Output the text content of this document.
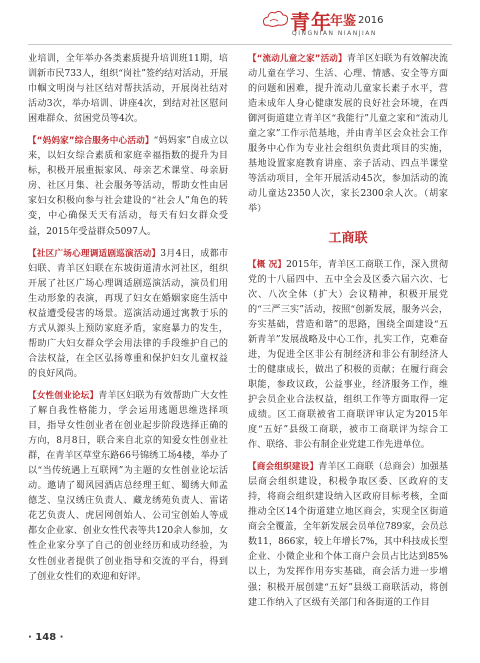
青年
年鉴 2016
QINGNIAN NIANJIAN

业培训，全年举办各类素质提升培训班11期，培训新市民733人，组织“岗社”签约结对活动，开展巾帼文明岗与社区结对帮扶活动，开展岗社结对活动3次，举办培训、讲座4次，到结对社区慰问困难群众、贫困党员等4次。

【“妈妈家”综合服务中心活动】“妈妈家”自成立以来，以妇女综合素质和家庭幸福指数的提升为目标，积极开展重振家风、母亲艺术课堂、母亲厨房、社区月集、社会服务等活动，帮助女性由居家妇女积极向参与社会建设的“社会人”角色的转变，中心确保天天有活动，每天有妇女群众受益，2015年受益群众5097人。

【社区广场心理调适剧巡演活动】3月4日，成都市妇联、青羊区妇联在东坡街道清水河社区，组织开展了社区广场心理调适剧巡演活动，演员们用生动形象的表演，再现了妇女在婚姻家庭生活中权益遭受侵害的场景。巡演活动通过寓教于乐的方式从源头上预防家庭矛盾，家庭暴力的发生，帮助广大妇女群众学会用法律的手段维护自己的合法权益，在全区弘扬尊重和保护妇女儿童权益的良好风尚。

【女性创业论坛】青羊区妇联为有效帮助广大女性了解自我性格能力，学会运用逃题思维选择项目，指导女性创业者在创业起步阶段选择正确的方向，8月8日，联合来自北京的知爱女性创业社群，在青羊区草堂东路66号锦绣工场4楼，举办了以“当传统遇上互联网”为主题的女性创业论坛活动。邀请了蜀风园酒店总经理王虹、蜀绣大师孟德芝、皇汉绣庄负责人、藏龙绣苑负责人、雷诺花艺负责人、虎居网创始人、公司宝创始人等成都女企业家、创业女性代表等共120余人参加，女性企业家分享了自己的创业经历和成功经验，为女性创业者提供了创业指导和交流的平台，得到了创业女性们的欢迎和好评。

【“流动儿童之家”活动】青羊区妇联为有效解决流动儿童在学习、生活、心理、情感、安全等方面的问题和困难，提升流动儿童家长素子水平，营造未成年人身心健康发展的良好社会环境，在西御河街道建立青羊区“我能行”儿童之家和“流动儿童之家”工作示范基地，并由青羊区会众社会工作服务中心作为专业社会组织负责此项目的实施，基地设置家庭教育讲座、亲子活动、四点半课堂等活动项目，全年开展活动45次，参加活动的流动儿童达2350人次，家长2300余人次。（胡家举）

工商联

【概 况】2015年，青羊区工商联工作，深入贯彻党的十八届四中、五中全会及区委六届六次、七次、八次全体（扩大）会议精神，积极开展党的“三严三实”活动，按照“创新发展，服务兴会，夯实基础，营造和谐”的思路，围绕全面建设“五新青羊”发展战略及中心工作，扎实工作，克难奋进，为促进全区非公有制经济和非公有制经济人士的健康成长，做出了积极的贡献；在履行商会职能，参政议政，公益事业，经济服务工作，维护会员企业合法权益，组织工作等方面取得一定成绩。区工商联被省工商联评审认定为2015年度“五好”县级工商联，被市工商联评为综合工作、联络、非公有制企业党建工作先进单位。

【商会组织建设】青羊区工商联（总商会）加强基层商会组织建设，积极争取区委、区政府的支持，将商会组织建设纳入区政府目标考核，全面推动全区14个街道建立地区商会，实现全区街道商会全覆盖，全年新发展会员单位789家，会员总数11，866家，较上年增长7%，其中科技成长型企业、小微企业和个体工商户会员占比达到85%以上，为发挥作用夯实基础，商会活力进一步增强；积极开展创建“五好”县级工商联活动，将创建工作纳入了区级有关部门和各街道的工作目

· 148 ·
